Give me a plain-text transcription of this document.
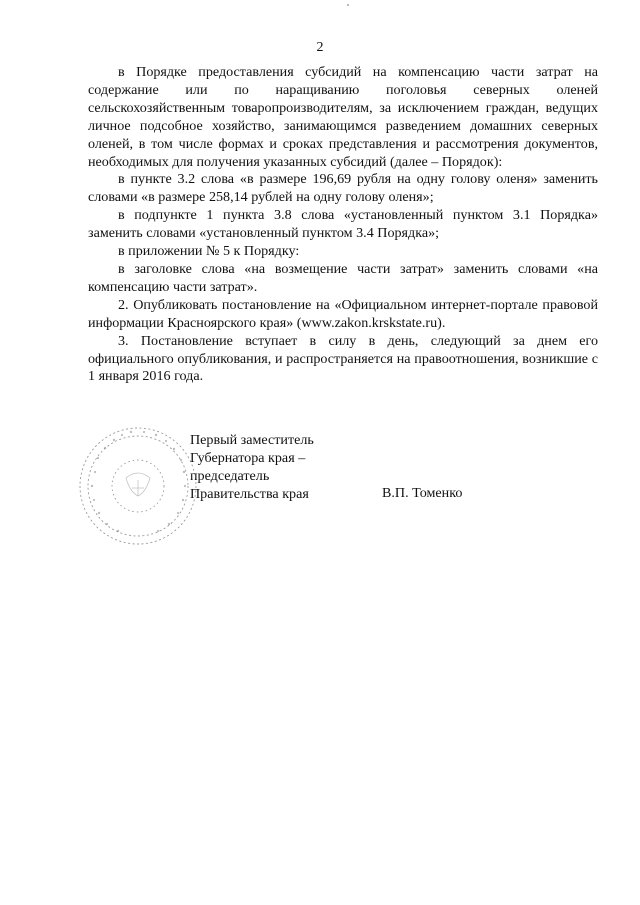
2

в Порядке предоставления субсидий на компенсацию части затрат на содержание или по наращиванию поголовья северных оленей сельскохозяйственным товаропроизводителям, за исключением граждан, ведущих личное подсобное хозяйство, занимающимся разведением домашних северных оленей, в том числе формах и сроках представления и рассмотрения документов, необходимых для получения указанных субсидий (далее – Порядок):

в пункте 3.2 слова «в размере 196,69 рубля на одну голову оленя» заменить словами «в размере 258,14 рублей на одну голову оленя»;

в подпункте 1 пункта 3.8 слова «установленный пунктом 3.1 Порядка» заменить словами «установленный пунктом 3.4 Порядка»;

в приложении № 5 к Порядку:

в заголовке слова «на возмещение части затрат» заменить словами «на компенсацию части затрат».

2. Опубликовать постановление на «Официальном интернет-портале правовой информации Красноярского края» (www.zakon.krskstate.ru).

3. Постановление вступает в силу в день, следующий за днем его официального опубликования, и распространяется на правоотношения, возникшие с 1 января 2016 года.

Первый заместитель
Губернатора края –
председатель
Правительства края	В.П. Томенко
